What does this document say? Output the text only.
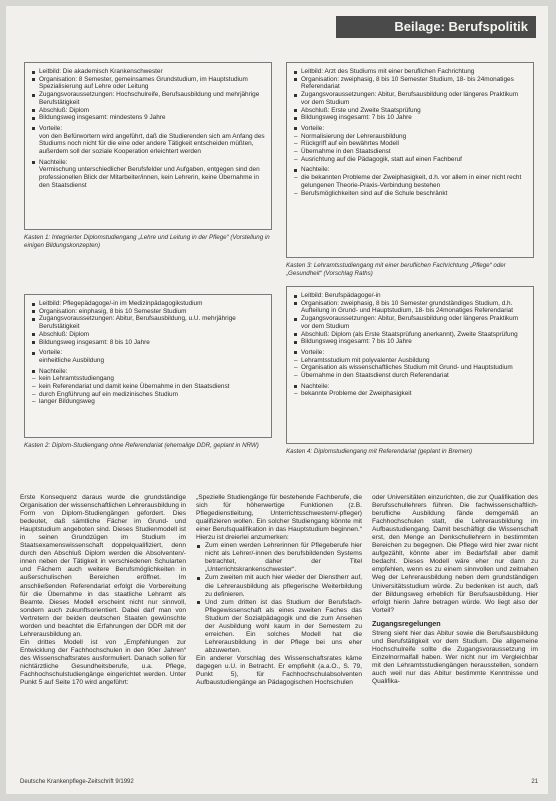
Beilage: Berufspolitik
Leitbild: Die akademisch Krankenschwester
Organisation: 8 Semester, gemeinsames Grundstudium, im Hauptstudium Spezialisierung auf Lehre oder Leitung
Zugangsvoraussetzungen: Hochschulreife, Berufsausbildung und mehrjährige Berufstätigkeit
Abschluß: Diplom
Bildungsweg insgesamt: mindestens 9 Jahre
Vorteile:
von den Befürwortern wird angeführt, daß die Studierenden sich am Anfang des Studiums noch nicht für die eine oder andere Tätigkeit entscheiden müßten, außerdem soll der soziale Kooperation erleichtert werden
Nachteile:
Vermischung unterschiedlicher Berufsfelder und Aufgaben, entgegen sind den professionellen Blick der Mitarbeiter/innen, kein Lehrerin, keine Übernahme in den Staatsdienst
Kasten 1: Integrierter Diplomstudiengang „Lehre und Leitung in der Pflege“ (Vorstellung in einigen Bildungskonzepten)
Leitbild: Arzt des Studiums mit einer beruflichen Fachrichtung
Organisation: zweiphasig, 8 bis 10 Semester Studium, 18- bis 24monatiges Referendariat
Zugangsvoraussetzungen: Abitur, Berufsausbildung oder längeres Praktikum vor dem Studium
Abschluß: Erste und Zweite Staatsprüfung
Bildungsweg insgesamt: 7 bis 10 Jahre
Vorteile:
– Normalisierung der Lehrerausbildung
– Rückgriff auf ein bewährtes Modell
– Übernahme in den Staatsdienst
– Ausrichtung auf die Pädagogik, statt auf einen Fachberuf
Nachteile:
– die bekannten Probleme der Zweiphasigkeit, d.h. vor allem in einer nicht recht gelungenen Theorie-Praxis-Verbindung bestehen
– Berufsmöglichkeiten sind auf die Schule beschränkt
Kasten 3: Lehramtsstudiengang mit einer beruflichen Fachrichtung „Pflege“ oder „Gesundheit“ (Vorschlag Raths)
Leitbild: Pflegepädagoge/-in im Medizinpädagogikstudium
Organisation: einphasig, 8 bis 10 Semester Studium
Zugangsvoraussetzungen: Abitur, Berufsausbildung, u.U. mehrjährige Berufstätigkeit
Abschluß: Diplom
Bildungsweg insgesamt: 8 bis 10 Jahre
Vorteile:
einheitliche Ausbildung
Nachteile:
– kein Lehramtsstudiengang
– kein Referendariat und damit keine Übernahme in den Staatsdienst
– durch Engführung auf ein medizinisches Studium
– langer Bildungsweg
Kasten 2: Diplom-Studiengang ohne Referendariat (ehemalige DDR, geplant in NRW)
Leitbild: Berufspädagoge/-in
Organisation: zweiphasig, 8 bis 10 Semester grundständiges Studium, d.h. Aufteilung in Grund- und Hauptstudium, 18- bis 24monatiges Referendariat
Zugangsvoraussetzungen: Abitur, Berufsausbildung oder längeres Praktikum vor dem Studium
Abschluß: Diplom (als Erste Staatsprüfung anerkannt), Zweite Staatsprüfung
Bildungsweg insgesamt: 7 bis 10 Jahre
Vorteile:
– Lehramtsstudium mit polyvalenter Ausbildung
– Organisation als wissenschaftliches Studium mit Grund- und Hauptstudium
– Übernahme in den Staatsdienst durch Referendariat
Nachteile:
– bekannte Probleme der Zweiphasigkeit
Kasten 4: Diplomstudiengang mit Referendariat (geplant in Bremen)

Erste Konsequenz daraus wurde die grundständige Organisation der wissenschaftlichen Lehrerausbildung in Form von Diplom-Studiengängen gefordert. Dies bedeutet, daß sämtliche Fächer im Grund- und Hauptstudium angeboten sind. Dieses Studienmodell ist in seinen Grundzügen im Studium im Staatsexamenswissenschaft doppelqualifiziert, denn durch den Abschluß Diplom werden die Absolventen/-innen neben der Tätigkeit in verschiedenen Schularten und Fächern auch weitere Berufsmöglichkeiten in außerschulischen Bereichen eröffnet. Im anschließenden Referendariat erfolgt die Vorbereitung für die Übernahme in das staatliche Lehramt als Beamte. Dieses Modell erscheint nicht nur sinnvoll, sondern auch zukunftsorientiert. Dabei darf man von Vertretern der beiden deutschen Staaten gewünschte worden und beachtet die Erfahrungen der DDR mit der Lehrerausbildung an.

Ein drittes Modell ist von „Empfehlungen zur Entwicklung der Fachhochschulen in den 90er Jahren“ des Wissenschaftsrates ausformuliert. Danach sollen für nichtärztliche Gesundheitsberufe, u.a. Pflege, Fachhochschulstudiengänge eingerichtet werden. Unter Punkt 5 auf Seite 170 wird angeführt:

„Spezielle Studiengänge für bestehende Fachberufe, die sich für höherwertige Funktionen (z.B. Pflegedienstleitung, Unterrichtsschwestern/-pfleger) qualifizieren wollen. Ein solcher Studiengang könnte mit einer Berufsqualifikation in das Hauptstudium beginnen.“ Hierzu ist dreierlei anzumerken:

Zum einen werden Lehrerinnen für Pflegeberufe hier nicht als Lehrer/-innen des berufsbildenden Systems betrachtet, daher der Titel „Unterrichtskrankenschwester“.
Zum zweiten mit auch hier wieder der Dienstherr auf, die Lehrerausbildung als pflegerische Weiterbildung zu definieren.
Und zum dritten ist das Studium der Berufsfach-Pflegewissenschaft als eines zweiten Faches das Studium der Sozialpädagogik und die zum Ansehen der Ausbildung wohl kaum in der Semestern zu erreichen. Ein solches Modell hat die Lehrerausbildung in der Pflege bei uns eher abzuwerten.

Ein anderer Vorschlag des Wissenschaftsrates käme dagegen u.U. in Betracht. Er empfiehlt (a.a.O., S. 79, Punkt 5), für Fachhochschulabsolventen Aufbaustudiengänge an Pädagogischen Hochschulen

oder Universitäten einzurichten, die zur Qualifikation des Berufsschullehrers führen. Die fachwissenschaftlich-berufliche Ausbildung fände demgemäß an Fachhochschulen statt, die Lehrerausbildung im Aufbaustudiengang. Damit beschäftigt die Wissenschaft erst, den Menge an Denkschullehrern in bestimmten Bereichen zu begegnen. Die Pflege wird hier zwar nicht aufgezählt, könnte aber im Bedarfsfall aber damit bedacht. Dieses Modell wäre eher nur dann zu empfehlen, wenn es zu einem sinnvollen und zeitnahen Weg der Lehrerausbildung neben dem grundständigen Universitätsstudium würde. Zu bedenken ist auch, daß der Bildungsweg erheblich für Berufsausbildung. Hier erfolgt hierin Jahre betragen würde. Wo liegt also der Vorteil?

Zugangsregelungen

Streng sieht hier das Abitur sowie die Berufsausbildung und Berufstätigkeit vor dem Studium. Die allgemeine Hochschulreife sollte die Zugangsvoraussetzung im Einzelnormalfall haben. Wer nicht nur im Vergleichbar mit den Lehramtsstudiengängen herausstellen, sondern auch weil nur das Abitur bestimmte Kenntnisse und Qualifika-

Deutsche Krankenpflege-Zeitschrift 9/1992	21
